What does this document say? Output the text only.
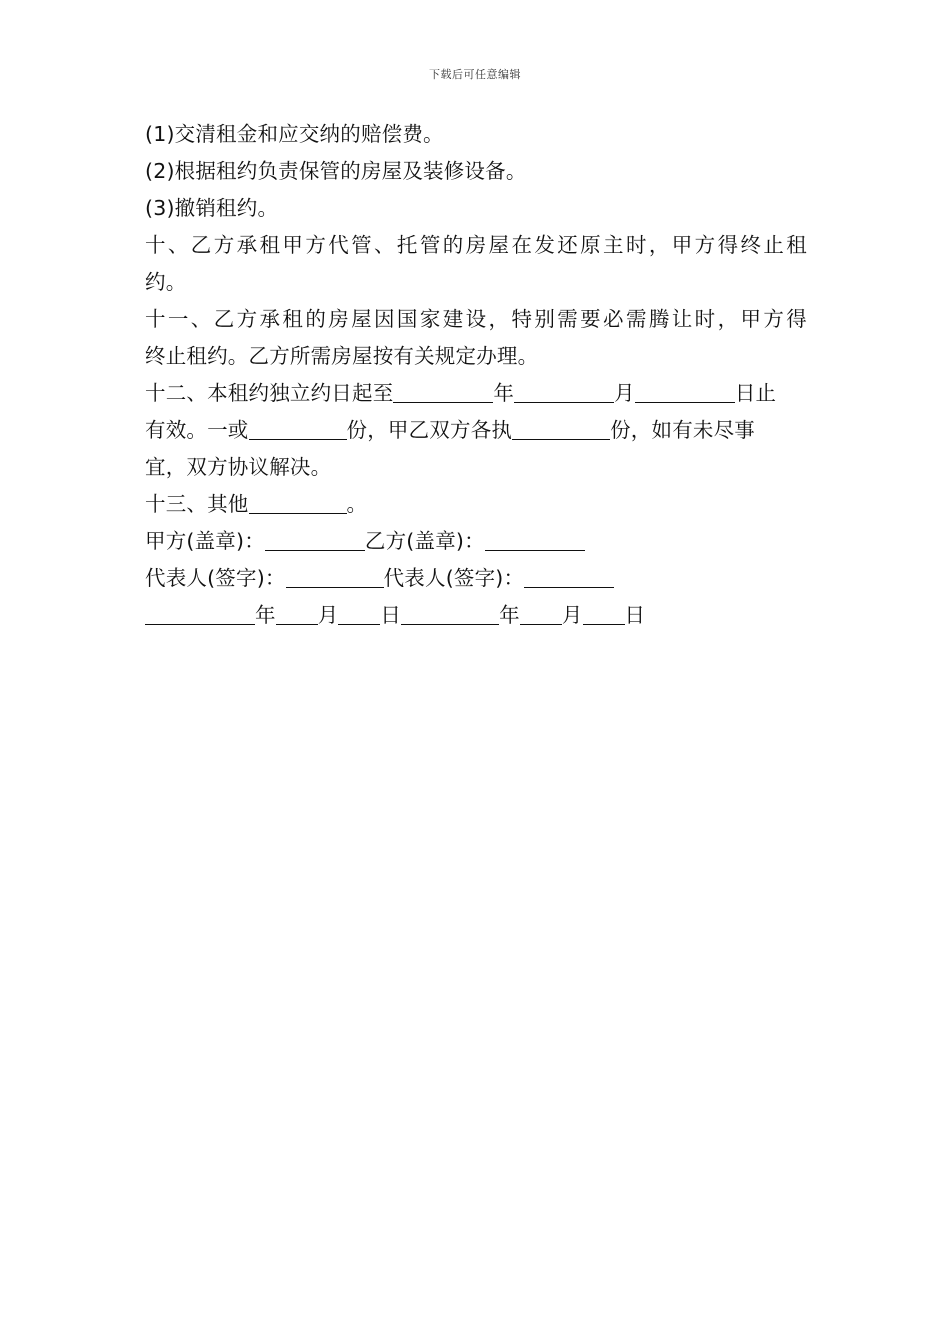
下载后可任意编辑
(1)交清租金和应交纳的赔偿费。
(2)根据租约负责保管的房屋及装修设备。
(3)撤销租约。
十、乙方承租甲方代管、托管的房屋在发还原主时，甲方得终止租
约。
十一、乙方承租的房屋因国家建设，特别需要必需腾让时，甲方得
终止租约。乙方所需房屋按有关规定办理。
十二、本租约独立约日起至	年	月	日止
有效。一或	份，甲乙双方各执	份，如有未尽事
宜，双方协议解决。
十三、其他	。
甲方(盖章)：	乙方(盖章)：
代表人(签字)：	代表人(签字)：
年 月 日	年 月 日
